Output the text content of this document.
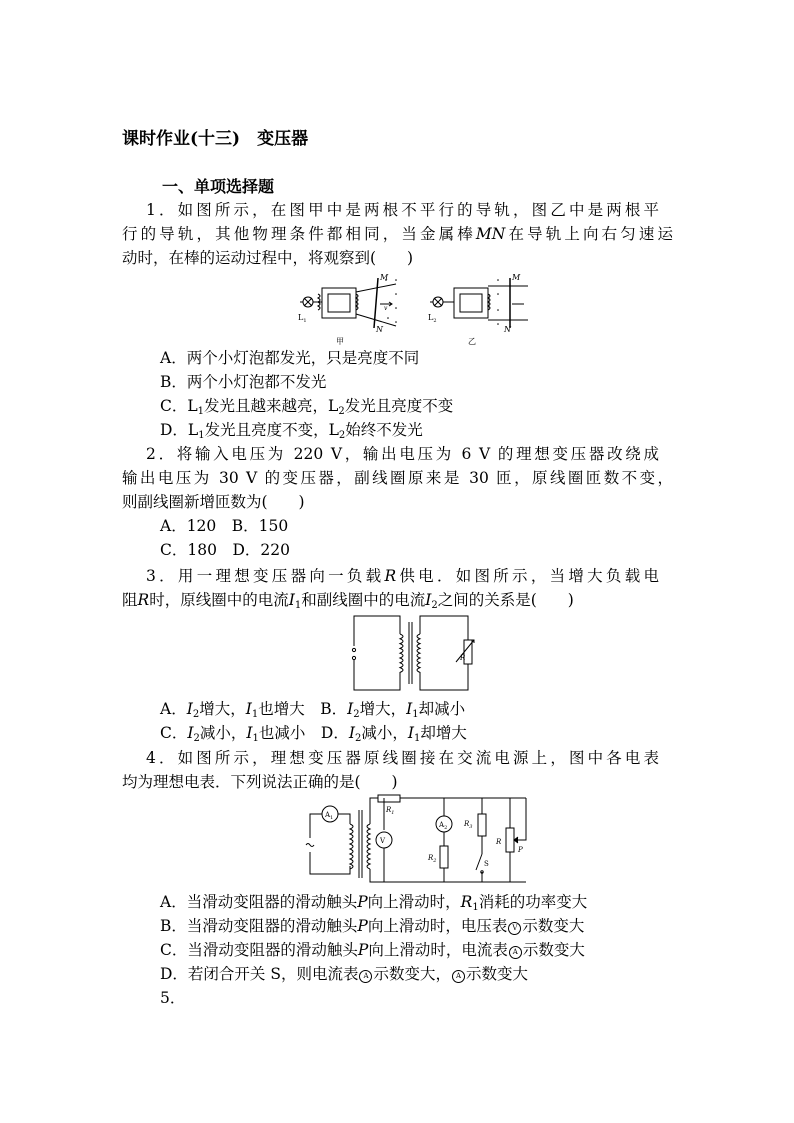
课时作业(十三)　变压器
一、单项选择题
1．如图所示，在图甲中是两根不平行的导轨，图乙中是两根平
行的导轨，其他物理条件都相同，当金属棒MN在导轨上向右匀速运
动时，在棒的运动过程中，将观察到(　　)
$L_1$	$L_2$
M
N
v
M
N
甲	乙
A．两个小灯泡都发光，只是亮度不同
B．两个小灯泡都不发光
C．$L_1$发光且越来越亮，$L_2$发光且亮度不变
D．$L_1$发光且亮度不变，$L_2$始终不发光
2．将输入电压为 220 V，输出电压为 6 V 的理想变压器改绕成
输出电压为 30 V 的变压器，副线圈原来是 30 匝，原线圈匝数不变，
则副线圈新增匝数为(　　)
A．120　B．150
C．180　D．220
3．用一理想变压器向一负载R供电．如图所示，当增大负载电
阻R时，原线圈中的电流$I_1$和副线圈中的电流$I_2$之间的关系是(　　)
R
A．$I_2$增大，$I_1$也增大　 B．$I_2$增大，$I_1$却减小
C．$I_2$减小，$I_1$也减小　 D．$I_2$减小，$I_1$却增大
4．如图所示，理想变压器原线圈接在交流电源上，图中各电表
均为理想电表．下列说法正确的是(　　)
$A_1$
V
$A_2$
$R_1$
$R_2$
$R_3$
S
R
P
A．当滑动变阻器的滑动触头P向上滑动时，$R_1$消耗的功率变大
B．当滑动变阻器的滑动触头P向上滑动时，电压表 V 示数变大
C．当滑动变阻器的滑动触头P向上滑动时，电流表 A 示数变大
D．若闭合开关 S，则电流表 A 示数变大， A 示数变大
5．
